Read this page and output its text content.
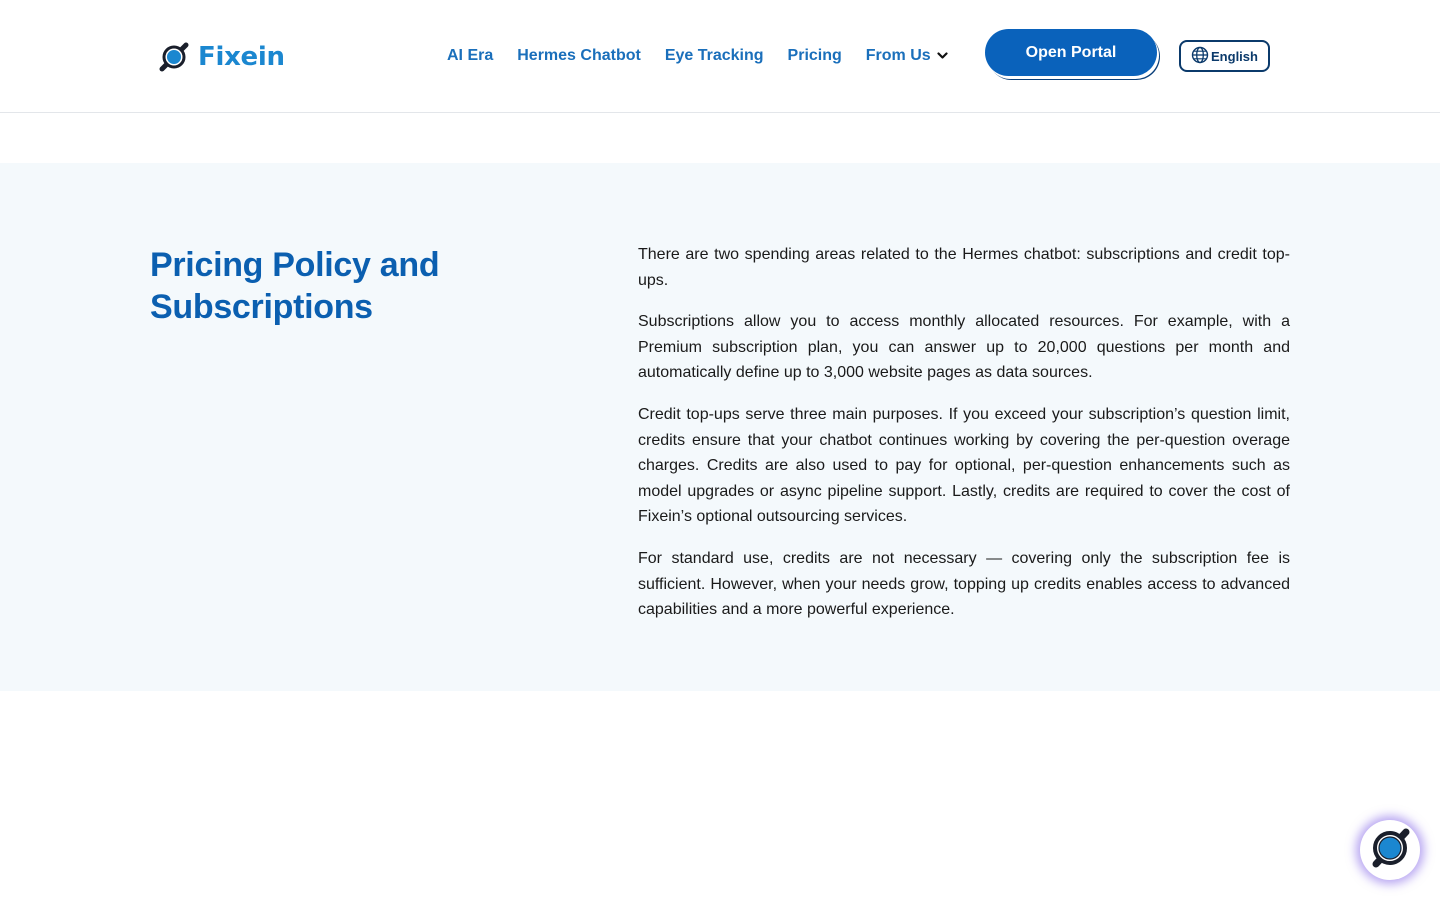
Fixein	AI Era Hermes Chatbot Eye Tracking Pricing From Us	Open Portal	English
Pricing Policy and Subscriptions

There are two spending areas related to the Hermes chatbot: subscriptions and credit top-ups.

Subscriptions allow you to access monthly allocated resources. For example, with a Premium subscription plan, you can answer up to 20,000 questions per month and automatically define up to 3,000 website pages as data sources.

Credit top-ups serve three main purposes. If you exceed your subscription’s question limit, credits ensure that your chatbot continues working by covering the per-question overage charges. Credits are also used to pay for optional, per-question enhancements such as model upgrades or async pipeline support. Lastly, credits are required to cover the cost of Fixein’s optional outsourcing services.

For standard use, credits are not necessary — covering only the subscription fee is sufficient. However, when your needs grow, topping up credits enables access to advanced capabilities and a more powerful experience.
